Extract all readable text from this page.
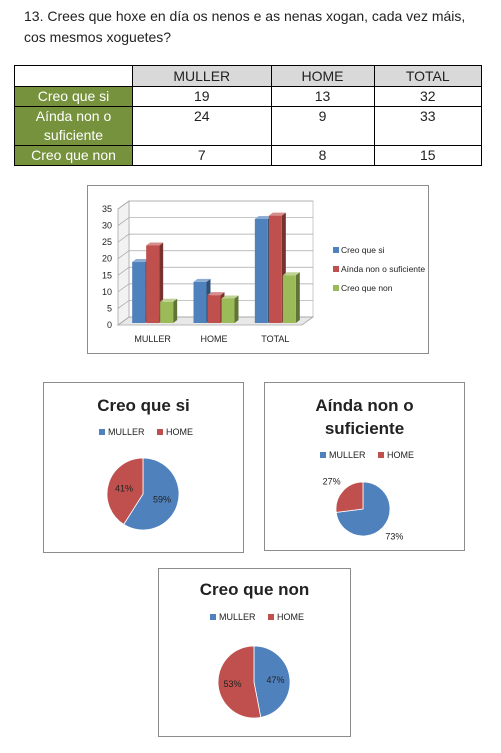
13. Crees que hoxe en día os nenos e as nenas xogan, cada vez máis, cos mesmos xoguetes?
	MULLER	HOME	TOTAL
Creo que si	19	13	32
Aínda non o suficiente	24	9	33
Creo que non	7	8	15
0
5
10
15
20
25
30
35
MULLER	HOME	TOTAL
Creo que si
Aínda non o suficiente
Creo que non
Creo que si
MULLER HOME
59%
41%
Aínda non o
suficiente
MULLER HOME
73%
27%
Creo que non
MULLER HOME
47%
53%
